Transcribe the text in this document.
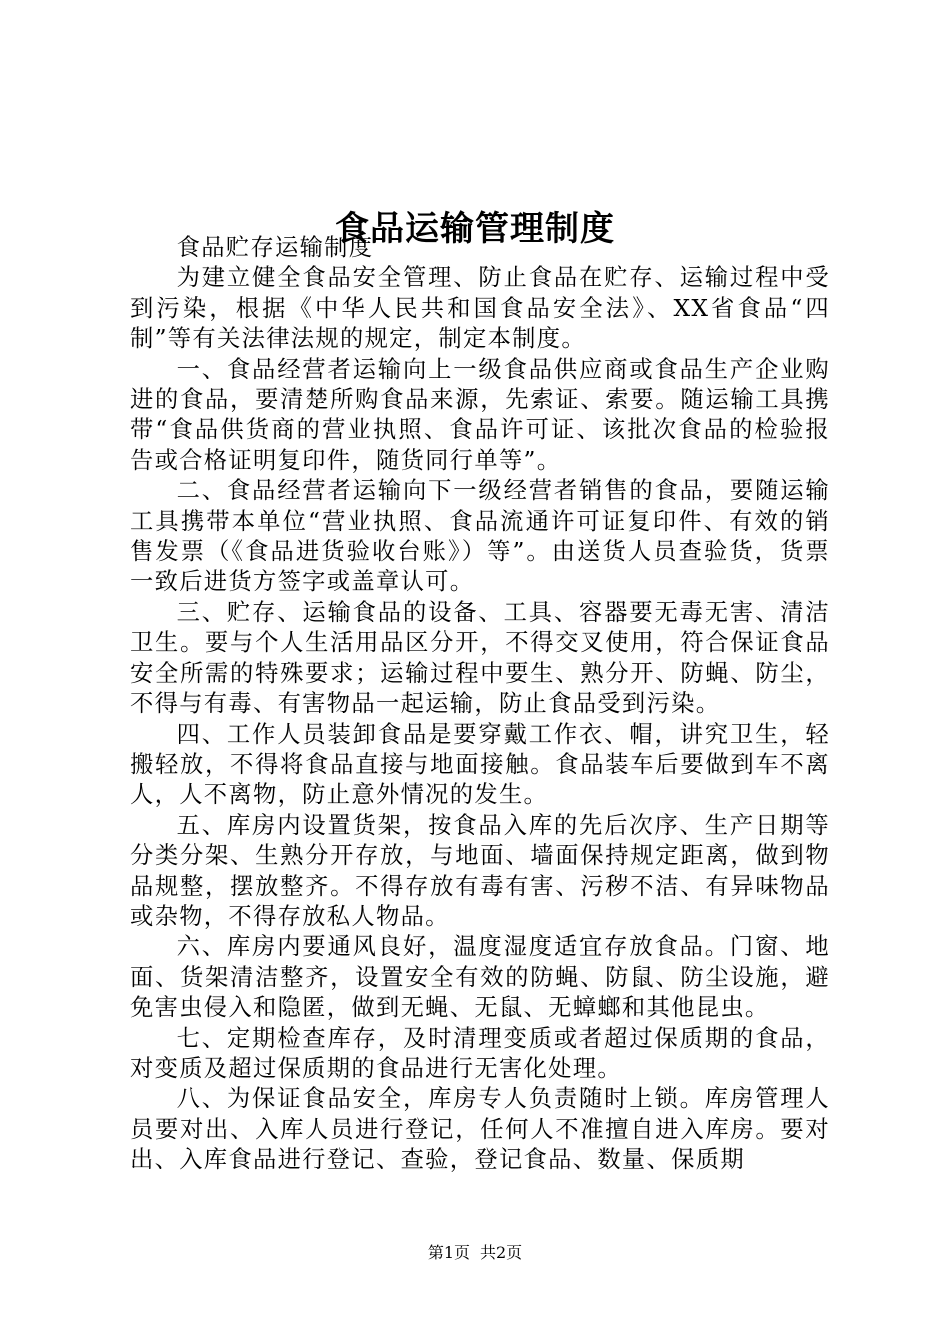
食品运输管理制度

食品贮存运输制度

为建立健全食品安全管理、防止食品在贮存、运输过程中受到污染，根据《中华人民共和国食品安全法》、XX省食品“四制”等有关法律法规的规定，制定本制度。

一、食品经营者运输向上一级食品供应商或食品生产企业购进的食品，要清楚所购食品来源，先索证、索要。随运输工具携带“食品供货商的营业执照、食品许可证、该批次食品的检验报告或合格证明复印件，随货同行单等”。

二、食品经营者运输向下一级经营者销售的食品，要随运输工具携带本单位“营业执照、食品流通许可证复印件、有效的销售发票（《食品进货验收台账》）等”。由送货人员查验货，货票一致后进货方签字或盖章认可。

三、贮存、运输食品的设备、工具、容器要无毒无害、清洁卫生。要与个人生活用品区分开，不得交叉使用，符合保证食品安全所需的特殊要求；运输过程中要生、熟分开、防蝇、防尘，不得与有毒、有害物品一起运输，防止食品受到污染。

四、工作人员装卸食品是要穿戴工作衣、帽，讲究卫生，轻搬轻放，不得将食品直接与地面接触。食品装车后要做到车不离人，人不离物，防止意外情况的发生。

五、库房内设置货架，按食品入库的先后次序、生产日期等分类分架、生熟分开存放，与地面、墙面保持规定距离，做到物品规整，摆放整齐。不得存放有毒有害、污秽不洁、有异味物品或杂物，不得存放私人物品。

六、库房内要通风良好，温度湿度适宜存放食品。门窗、地面、货架清洁整齐，设置安全有效的防蝇、防鼠、防尘设施，避免害虫侵入和隐匿，做到无蝇、无鼠、无蟑螂和其他昆虫。

七、定期检查库存，及时清理变质或者超过保质期的食品，对变质及超过保质期的食品进行无害化处理。

八、为保证食品安全，库房专人负责随时上锁。库房管理人员要对出、入库人员进行登记，任何人不准擅自进入库房。要对出、入库食品进行登记、查验，登记食品、数量、保质期

第1页 共2页
